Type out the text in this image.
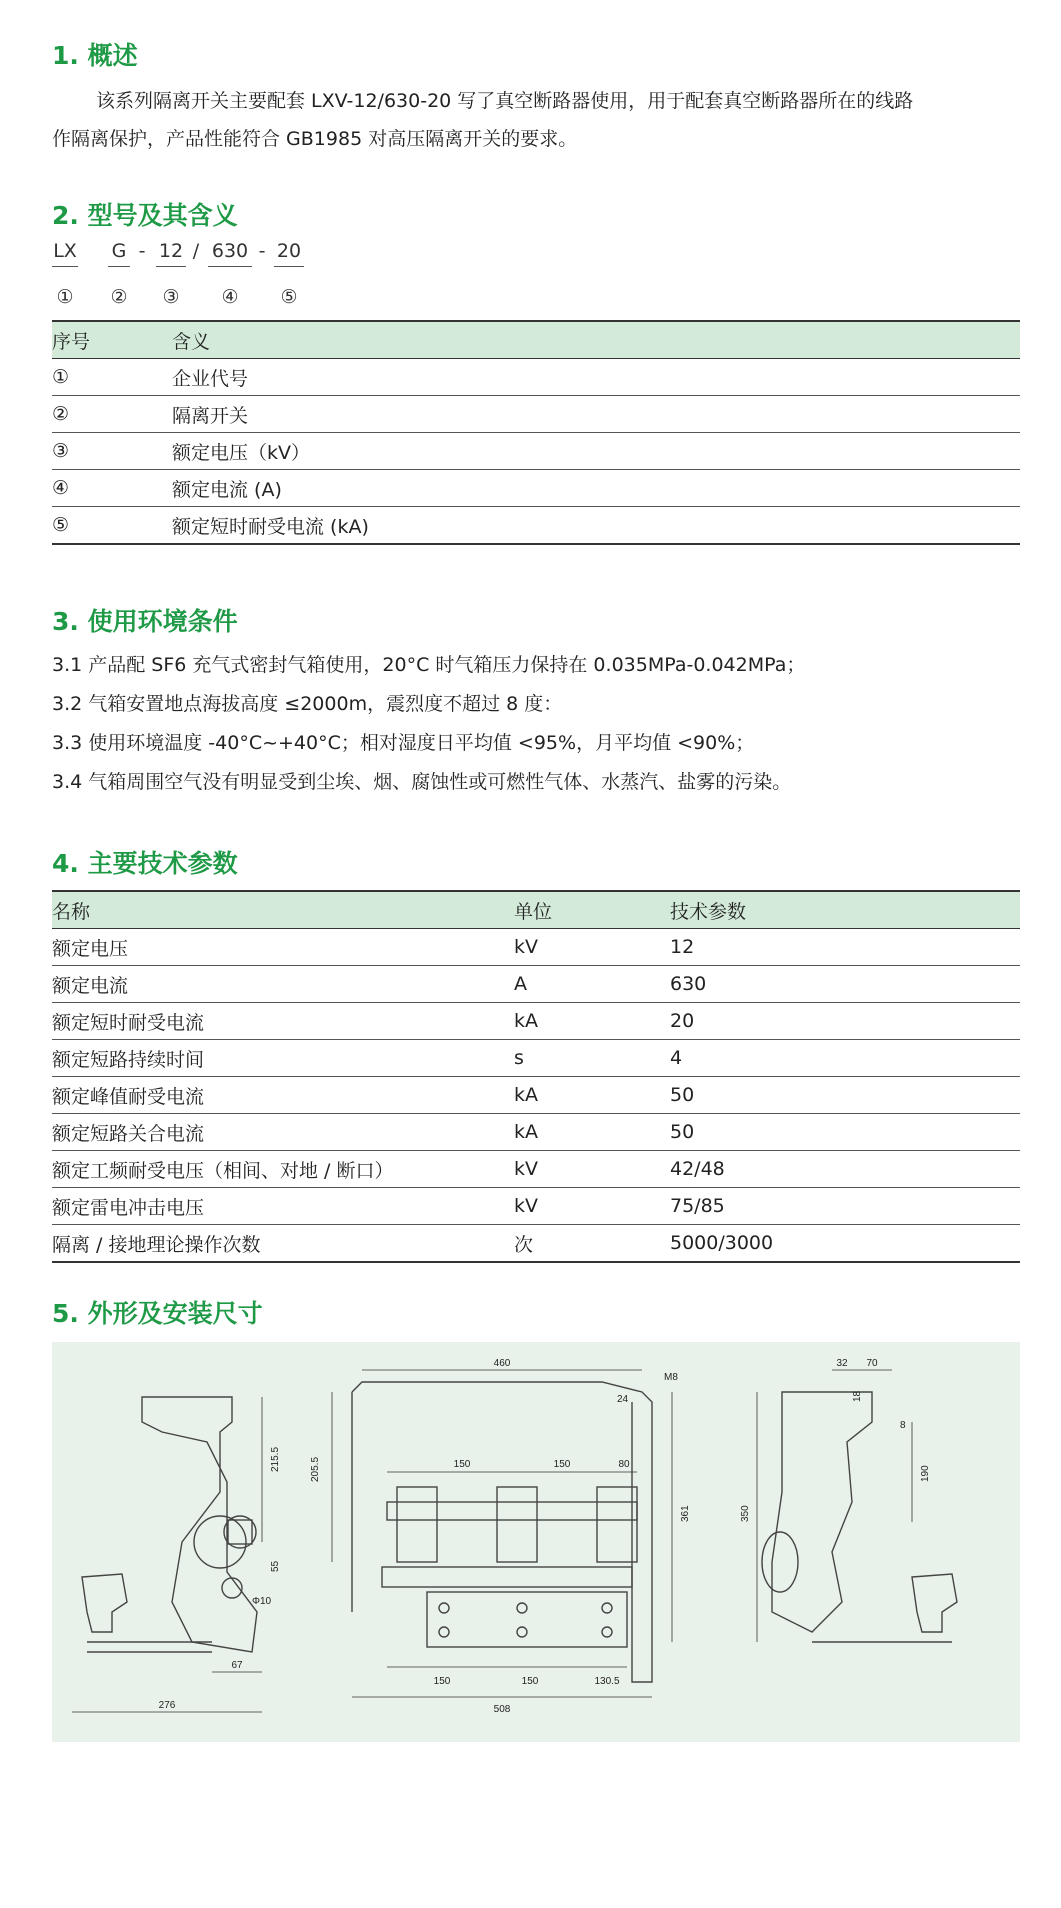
1. 概述

该系列隔离开关主要配套 LXV-12/630-20 写了真空断路器使用，用于配套真空断路器所在的线路

作隔离保护，产品性能符合 GB1985 对高压隔离开关的要求。

2. 型号及其含义
LX G - 12 / 630 - 20
①	②	③	④	⑤
序号	含义
①	企业代号
②	隔离开关
③	额定电压（kV）
④	额定电流 (A)
⑤	额定短时耐受电流 (kA)
3. 使用环境条件

3.1 产品配 SF6 充气式密封气箱使用，20°C 时气箱压力保持在 0.035MPa-0.042MPa；

3.2 气箱安置地点海拔高度 ≤2000m，震烈度不超过 8 度：

3.3 使用环境温度 -40°C~+40°C；相对湿度日平均值 <95%，月平均值 <90%；

3.4 气箱周围空气没有明显受到尘埃、烟、腐蚀性或可燃性气体、水蒸汽、盐雾的污染。

4. 主要技术参数
名称	单位	技术参数
额定电压	kV	12
额定电流	A	630
额定短时耐受电流	kA	20
额定短路持续时间	s	4
额定峰值耐受电流	kA	50
额定短路关合电流	kA	50
额定工频耐受电压（相间、对地 / 断口）	kV	42/48
额定雷电冲击电压	kV	75/85
隔离 / 接地理论操作次数	次	5000/3000
5. 外形及安装尺寸
460
M8
24
205.5
361
150	150	80
150	150	130.5
508
215.5
55
Φ10
67
276
32 70
18
8
190
350
